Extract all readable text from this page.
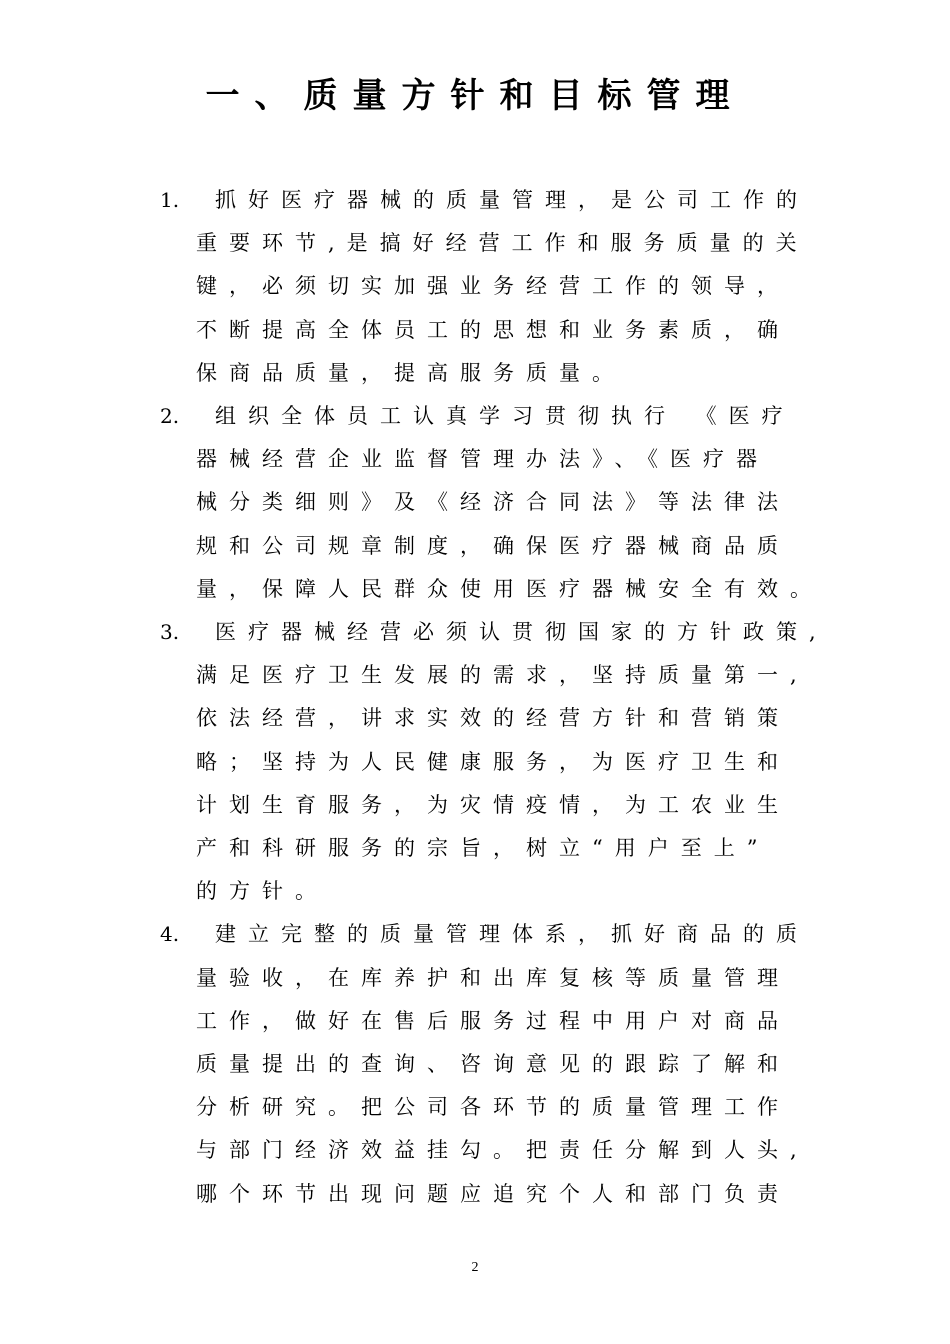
一、质量方针和目标管理
1.	抓好医疗器械的质量管理，是公司工作的
重要环节,是搞好经营工作和服务质量的关
键，必须切实加强业务经营工作的领导，
不断提高全体员工的思想和业务素质，确
保商品质量，提高服务质量。
2.	组织全体员工认真学习贯彻执行 《医疗
器械经营企业监督管理办法》、《医疗器
械分类细则》及《经济合同法》等法律法
规和公司规章制度，确保医疗器械商品质
量，保障人民群众使用医疗器械安全有效。
3.	医疗器械经营必须认贯彻国家的方针政策,
满足医疗卫生发展的需求，坚持质量第一,
依法经营，讲求实效的经营方针和营销策
略；坚持为人民健康服务，为医疗卫生和
计划生育服务，为灾情疫情，为工农业生
产和科研服务的宗旨，树立“用户至上”
的方针。
4.	建立完整的质量管理体系，抓好商品的质
量验收，在库养护和出库复核等质量管理
工作，做好在售后服务过程中用户对商品
质量提出的查询、咨询意见的跟踪了解和
分析研究。把公司各环节的质量管理工作
与部门经济效益挂勾。把责任分解到人头,
哪个环节出现问题应追究个人和部门负责
2
